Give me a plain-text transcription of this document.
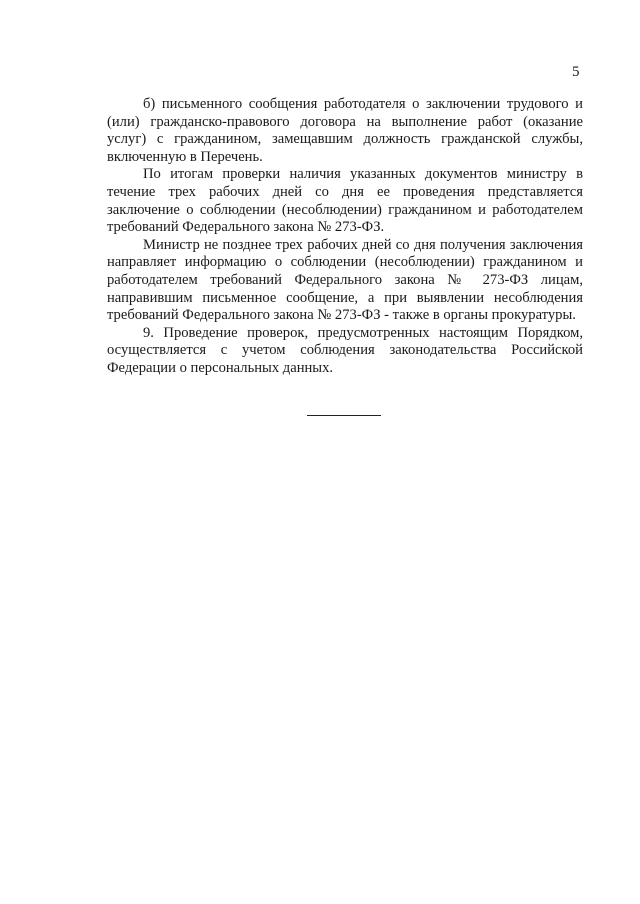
5

б) письменного сообщения работодателя о заключении трудового и (или) гражданско-правового договора на выполнение работ (оказание услуг) с гражданином, замещавшим должность гражданской службы, включенную в Перечень.

По итогам проверки наличия указанных документов министру в течение трех рабочих дней со дня ее проведения представляется заключение о соблюдении (несоблюдении) гражданином и работодателем требований Федерального закона № 273-ФЗ.

Министр не позднее трех рабочих дней со дня получения заключения направляет информацию о соблюдении (несоблюдении) гражданином и работодателем требований Федерального закона № 273-ФЗ лицам, направившим письменное сообщение, а при выявлении несоблюдения требований Федерального закона № 273-ФЗ - также в органы прокуратуры.

9. Проведение проверок, предусмотренных настоящим Порядком, осуществляется с учетом соблюдения законодательства Российской Федерации о персональных данных.
